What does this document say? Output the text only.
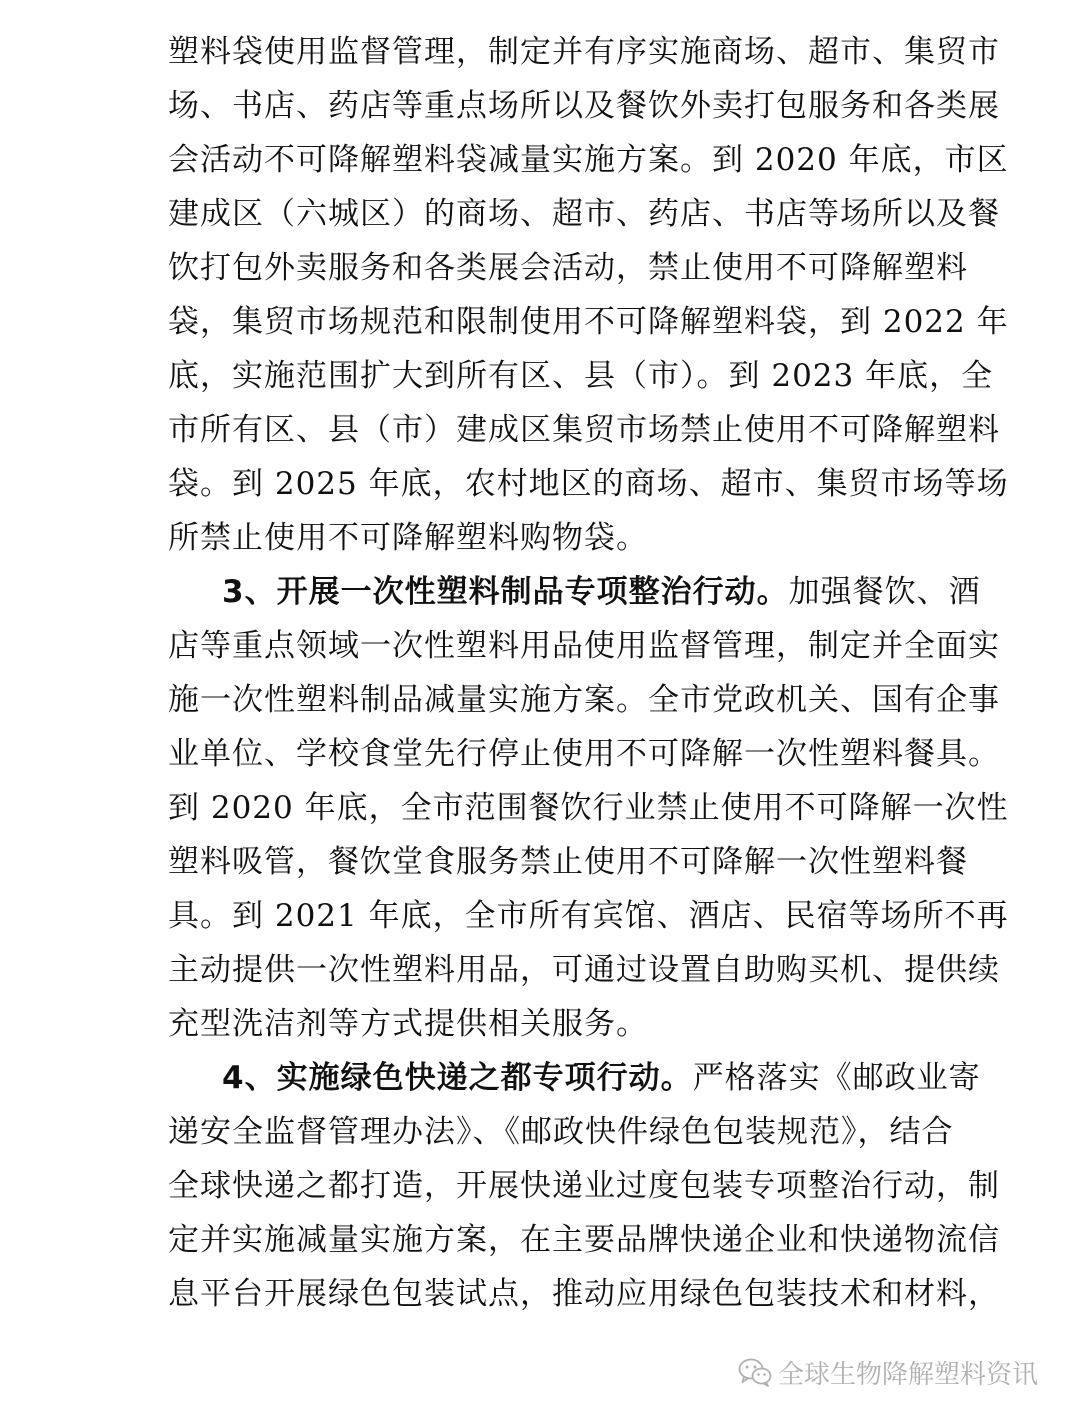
塑料袋使用监督管理，制定并有序实施商场、超市、集贸市
场、书店、药店等重点场所以及餐饮外卖打包服务和各类展
会活动不可降解塑料袋减量实施方案。到 2020 年底，市区
建成区（六城区）的商场、超市、药店、书店等场所以及餐
饮打包外卖服务和各类展会活动，禁止使用不可降解塑料
袋，集贸市场规范和限制使用不可降解塑料袋，到 2022 年
底，实施范围扩大到所有区、县（市）。到 2023 年底，全
市所有区、县（市）建成区集贸市场禁止使用不可降解塑料
袋。到 2025 年底，农村地区的商场、超市、集贸市场等场
所禁止使用不可降解塑料购物袋。
3、开展一次性塑料制品专项整治行动。加强餐饮、酒
店等重点领域一次性塑料用品使用监督管理，制定并全面实
施一次性塑料制品减量实施方案。全市党政机关、国有企事
业单位、学校食堂先行停止使用不可降解一次性塑料餐具。
到 2020 年底，全市范围餐饮行业禁止使用不可降解一次性
塑料吸管，餐饮堂食服务禁止使用不可降解一次性塑料餐
具。到 2021 年底，全市所有宾馆、酒店、民宿等场所不再
主动提供一次性塑料用品，可通过设置自助购买机、提供续
充型洗洁剂等方式提供相关服务。
4、实施绿色快递之都专项行动。严格落实《邮政业寄
递安全监督管理办法》、《邮政快件绿色包装规范》，结合
全球快递之都打造，开展快递业过度包装专项整治行动，制
定并实施减量实施方案，在主要品牌快递企业和快递物流信
息平台开展绿色包装试点，推动应用绿色包装技术和材料，
全球生物降解塑料资讯
